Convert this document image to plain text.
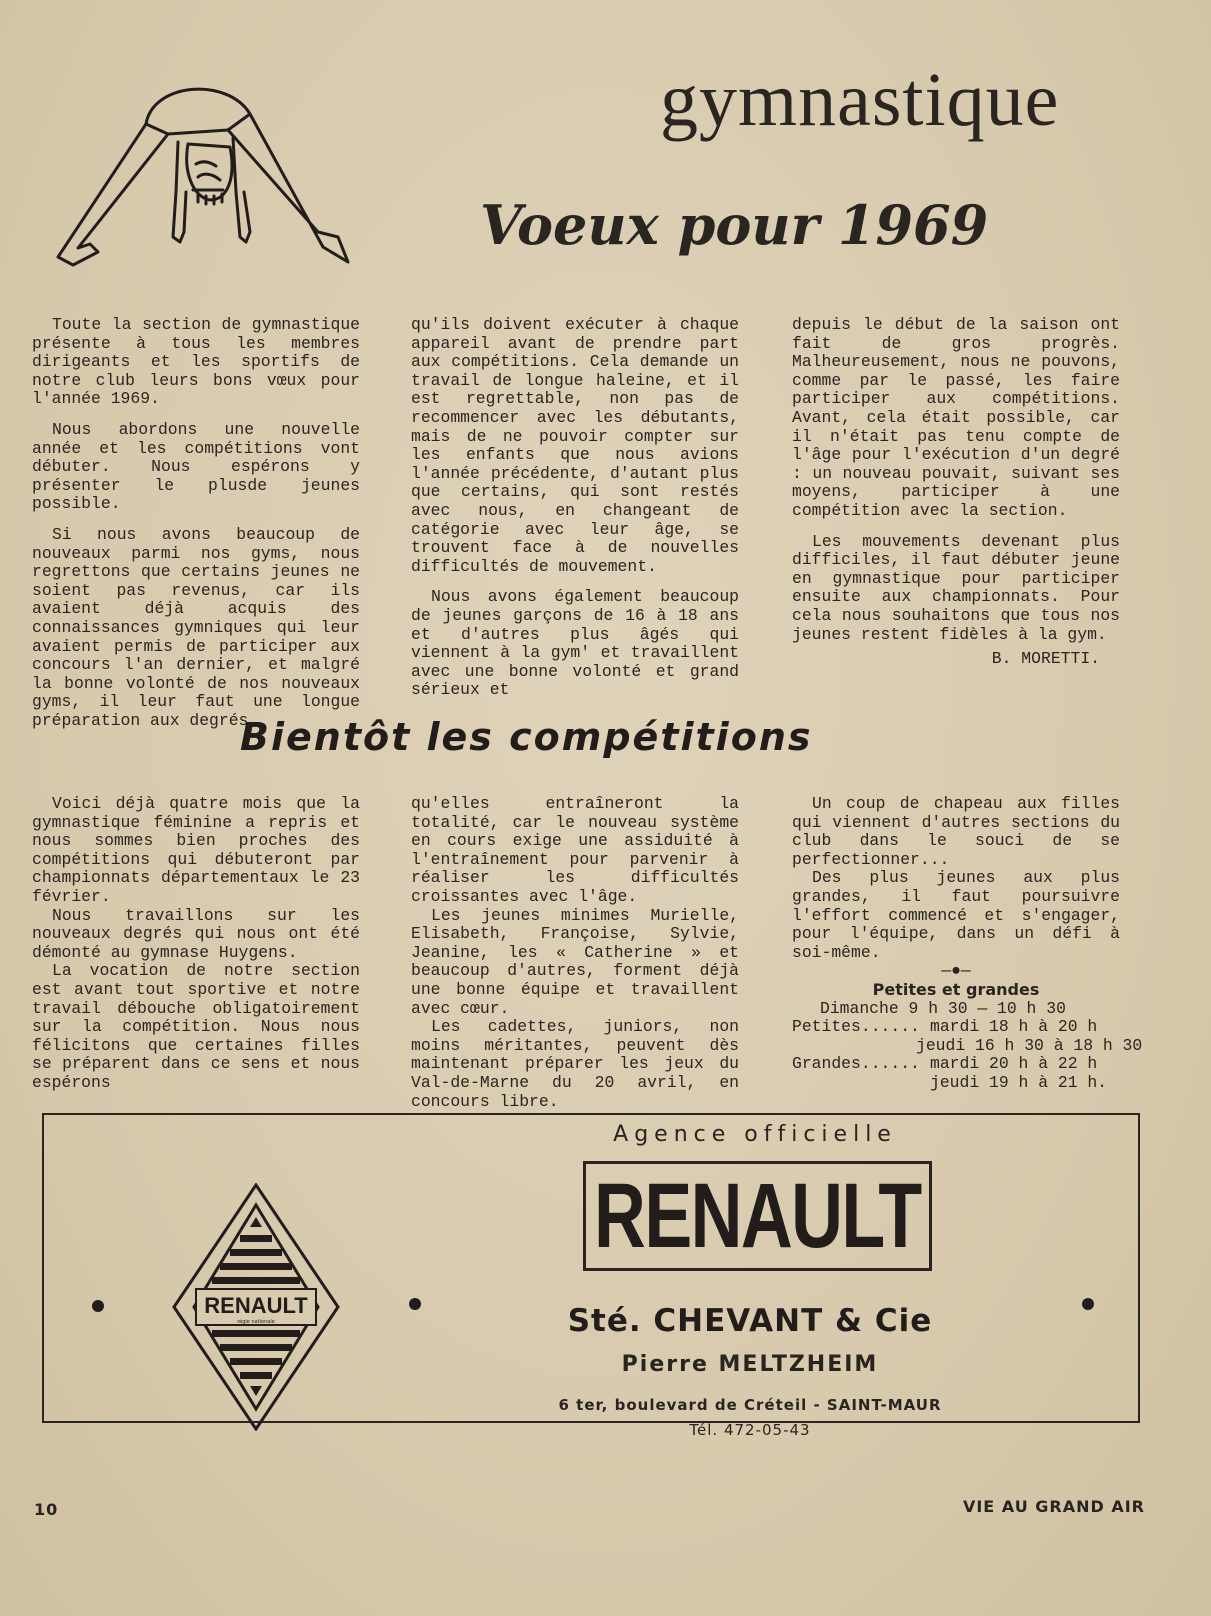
gymnastique
Voeux pour 1969

Toute la section de gymnastique présente à tous les membres dirigeants et les sportifs de notre club leurs bons vœux pour l'année 1969.

Nous abordons une nouvelle année et les compétitions vont débuter. Nous espérons y présenter le plusde jeunes possible.

Si nous avons beaucoup de nouveaux parmi nos gyms, nous regrettons que certains jeunes ne soient pas revenus, car ils avaient déjà acquis des connaissances gymniques qui leur avaient permis de participer aux concours l'an dernier, et malgré la bonne volonté de nos nouveaux gyms, il leur faut une longue préparation aux degrés

qu'ils doivent exécuter à chaque appareil avant de prendre part aux compétitions. Cela demande un travail de longue haleine, et il est regrettable, non pas de recommencer avec les débutants, mais de ne pouvoir compter sur les enfants que nous avions l'année précédente, d'autant plus que certains, qui sont restés avec nous, en changeant de catégorie avec leur âge, se trouvent face à de nouvelles difficultés de mouvement.

Nous avons également beaucoup de jeunes garçons de 16 à 18 ans et d'autres plus âgés qui viennent à la gym' et travaillent avec une bonne volonté et grand sérieux et

depuis le début de la saison ont fait de gros progrès. Malheureusement, nous ne pouvons, comme par le passé, les faire participer aux compétitions. Avant, cela était possible, car il n'était pas tenu compte de l'âge pour l'exécution d'un degré : un nouveau pouvait, suivant ses moyens, participer à une compétition avec la section.

Les mouvements devenant plus difficiles, il faut débuter jeune en gymnastique pour participer ensuite aux championnats. Pour cela nous souhaitons que tous nos jeunes restent fidèles à la gym.

B. MORETTI.
Bientôt les compétitions

Voici déjà quatre mois que la gymnastique féminine a repris et nous sommes bien proches des compétitions qui débuteront par championnats départementaux le 23 février.

Nous travaillons sur les nouveaux degrés qui nous ont été démonté au gymnase Huygens.

La vocation de notre section est avant tout sportive et notre travail débouche obligatoirement sur la compétition. Nous nous félicitons que certaines filles se préparent dans ce sens et nous espérons

qu'elles entraîneront la totalité, car le nouveau système en cours exige une assiduité à l'entraînement pour parvenir à réaliser les difficultés croissantes avec l'âge.

Les jeunes minimes Murielle, Elisabeth, Françoise, Sylvie, Jeanine, les « Catherine » et beaucoup d'autres, forment déjà une bonne équipe et travaillent avec cœur.

Les cadettes, juniors, non moins méritantes, peuvent dès maintenant préparer les jeux du Val-de-Marne du 20 avril, en concours libre.

Un coup de chapeau aux filles qui viennent d'autres sections du club dans le souci de se perfectionner...

Des plus jeunes aux plus grandes, il faut poursuivre l'effort commencé et s'engager, pour l'équipe, dans un défi à soi-même.

—●—
Petites et grandes
Dimanche 9 h 30 — 10 h 30
Petites...... mardi 18 h à 20 h
jeudi 16 h 30 à 18 h 30
Grandes...... mardi 20 h à 22 h
jeudi 19 h à 21 h.
RENAULT
régie nationale
Agence officielle
RENAULT
Sté. CHEVANT & Cie
Pierre MELTZHEIM
6 ter, boulevard de Créteil - SAINT-MAUR
Tél. 472-05-43
10	VIE AU GRAND AIR
